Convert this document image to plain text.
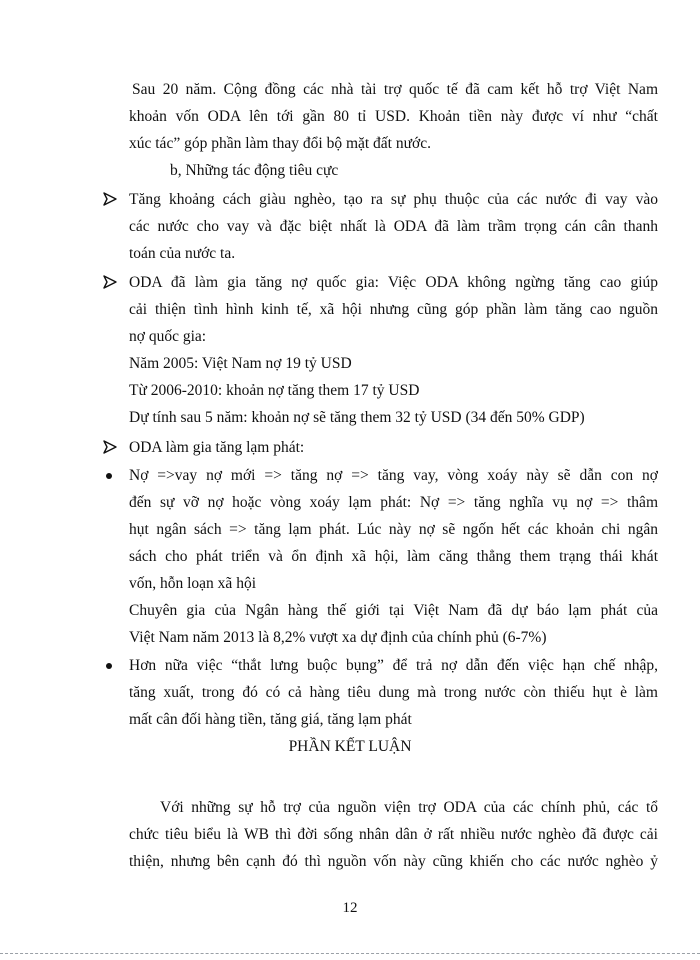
Sau 20 năm. Cộng đồng các nhà tài trợ quốc tế đã cam kết hỗ trợ Việt Nam
khoản vốn ODA lên tới gần 80 tỉ USD. Khoản tiền này được ví như “chất
xúc tác” góp phần làm thay đổi bộ mặt đất nước.
b, Những tác động tiêu cực
Tăng khoảng cách giàu nghèo, tạo ra sự phụ thuộc của các nước đi vay vào
các nước cho vay và đặc biệt nhất là ODA đã làm trầm trọng cán cân thanh
toán của nước ta.
ODA đã làm gia tăng nợ quốc gia: Việc ODA không ngừng tăng cao giúp
cải thiện tình hình kinh tế, xã hội nhưng cũng góp phần làm tăng cao nguồn
nợ quốc gia:
Năm 2005: Việt Nam nợ 19 tỷ USD
Từ 2006-2010: khoản nợ tăng them 17 tỷ USD
Dự tính sau 5 năm: khoản nợ sẽ tăng them 32 tỷ USD (34 đến 50% GDP)
ODA làm gia tăng lạm phát:
Nợ =>vay nợ mới => tăng nợ => tăng vay, vòng xoáy này sẽ dẫn con nợ
đến sự vỡ nợ hoặc vòng xoáy lạm phát: Nợ => tăng nghĩa vụ nợ => thâm
hụt ngân sách => tăng lạm phát. Lúc này nợ sẽ ngốn hết các khoản chi ngân
sách cho phát triển và ổn định xã hội, làm căng thẳng them trạng thái khát
vốn, hỗn loạn xã hội
Chuyên gia của Ngân hàng thế giới tại Việt Nam đã dự báo lạm phát của
Việt Nam năm 2013 là 8,2% vượt xa dự định của chính phủ (6-7%)
Hơn nữa việc “thắt lưng buộc bụng” để trả nợ dẫn đến việc hạn chế nhập,
tăng xuất, trong đó có cả hàng tiêu dung mà trong nước còn thiếu hụt è làm
mất cân đối hàng tiền, tăng giá, tăng lạm phát
PHẦN KẾT LUẬN
Với những sự hỗ trợ của nguồn viện trợ ODA của các chính phủ, các tổ
chức tiêu biểu là WB thì đời sống nhân dân ở rất nhiều nước nghèo đã được cải
thiện, nhưng bên cạnh đó thì nguồn vốn này cũng khiến cho các nước nghèo ỷ
12
